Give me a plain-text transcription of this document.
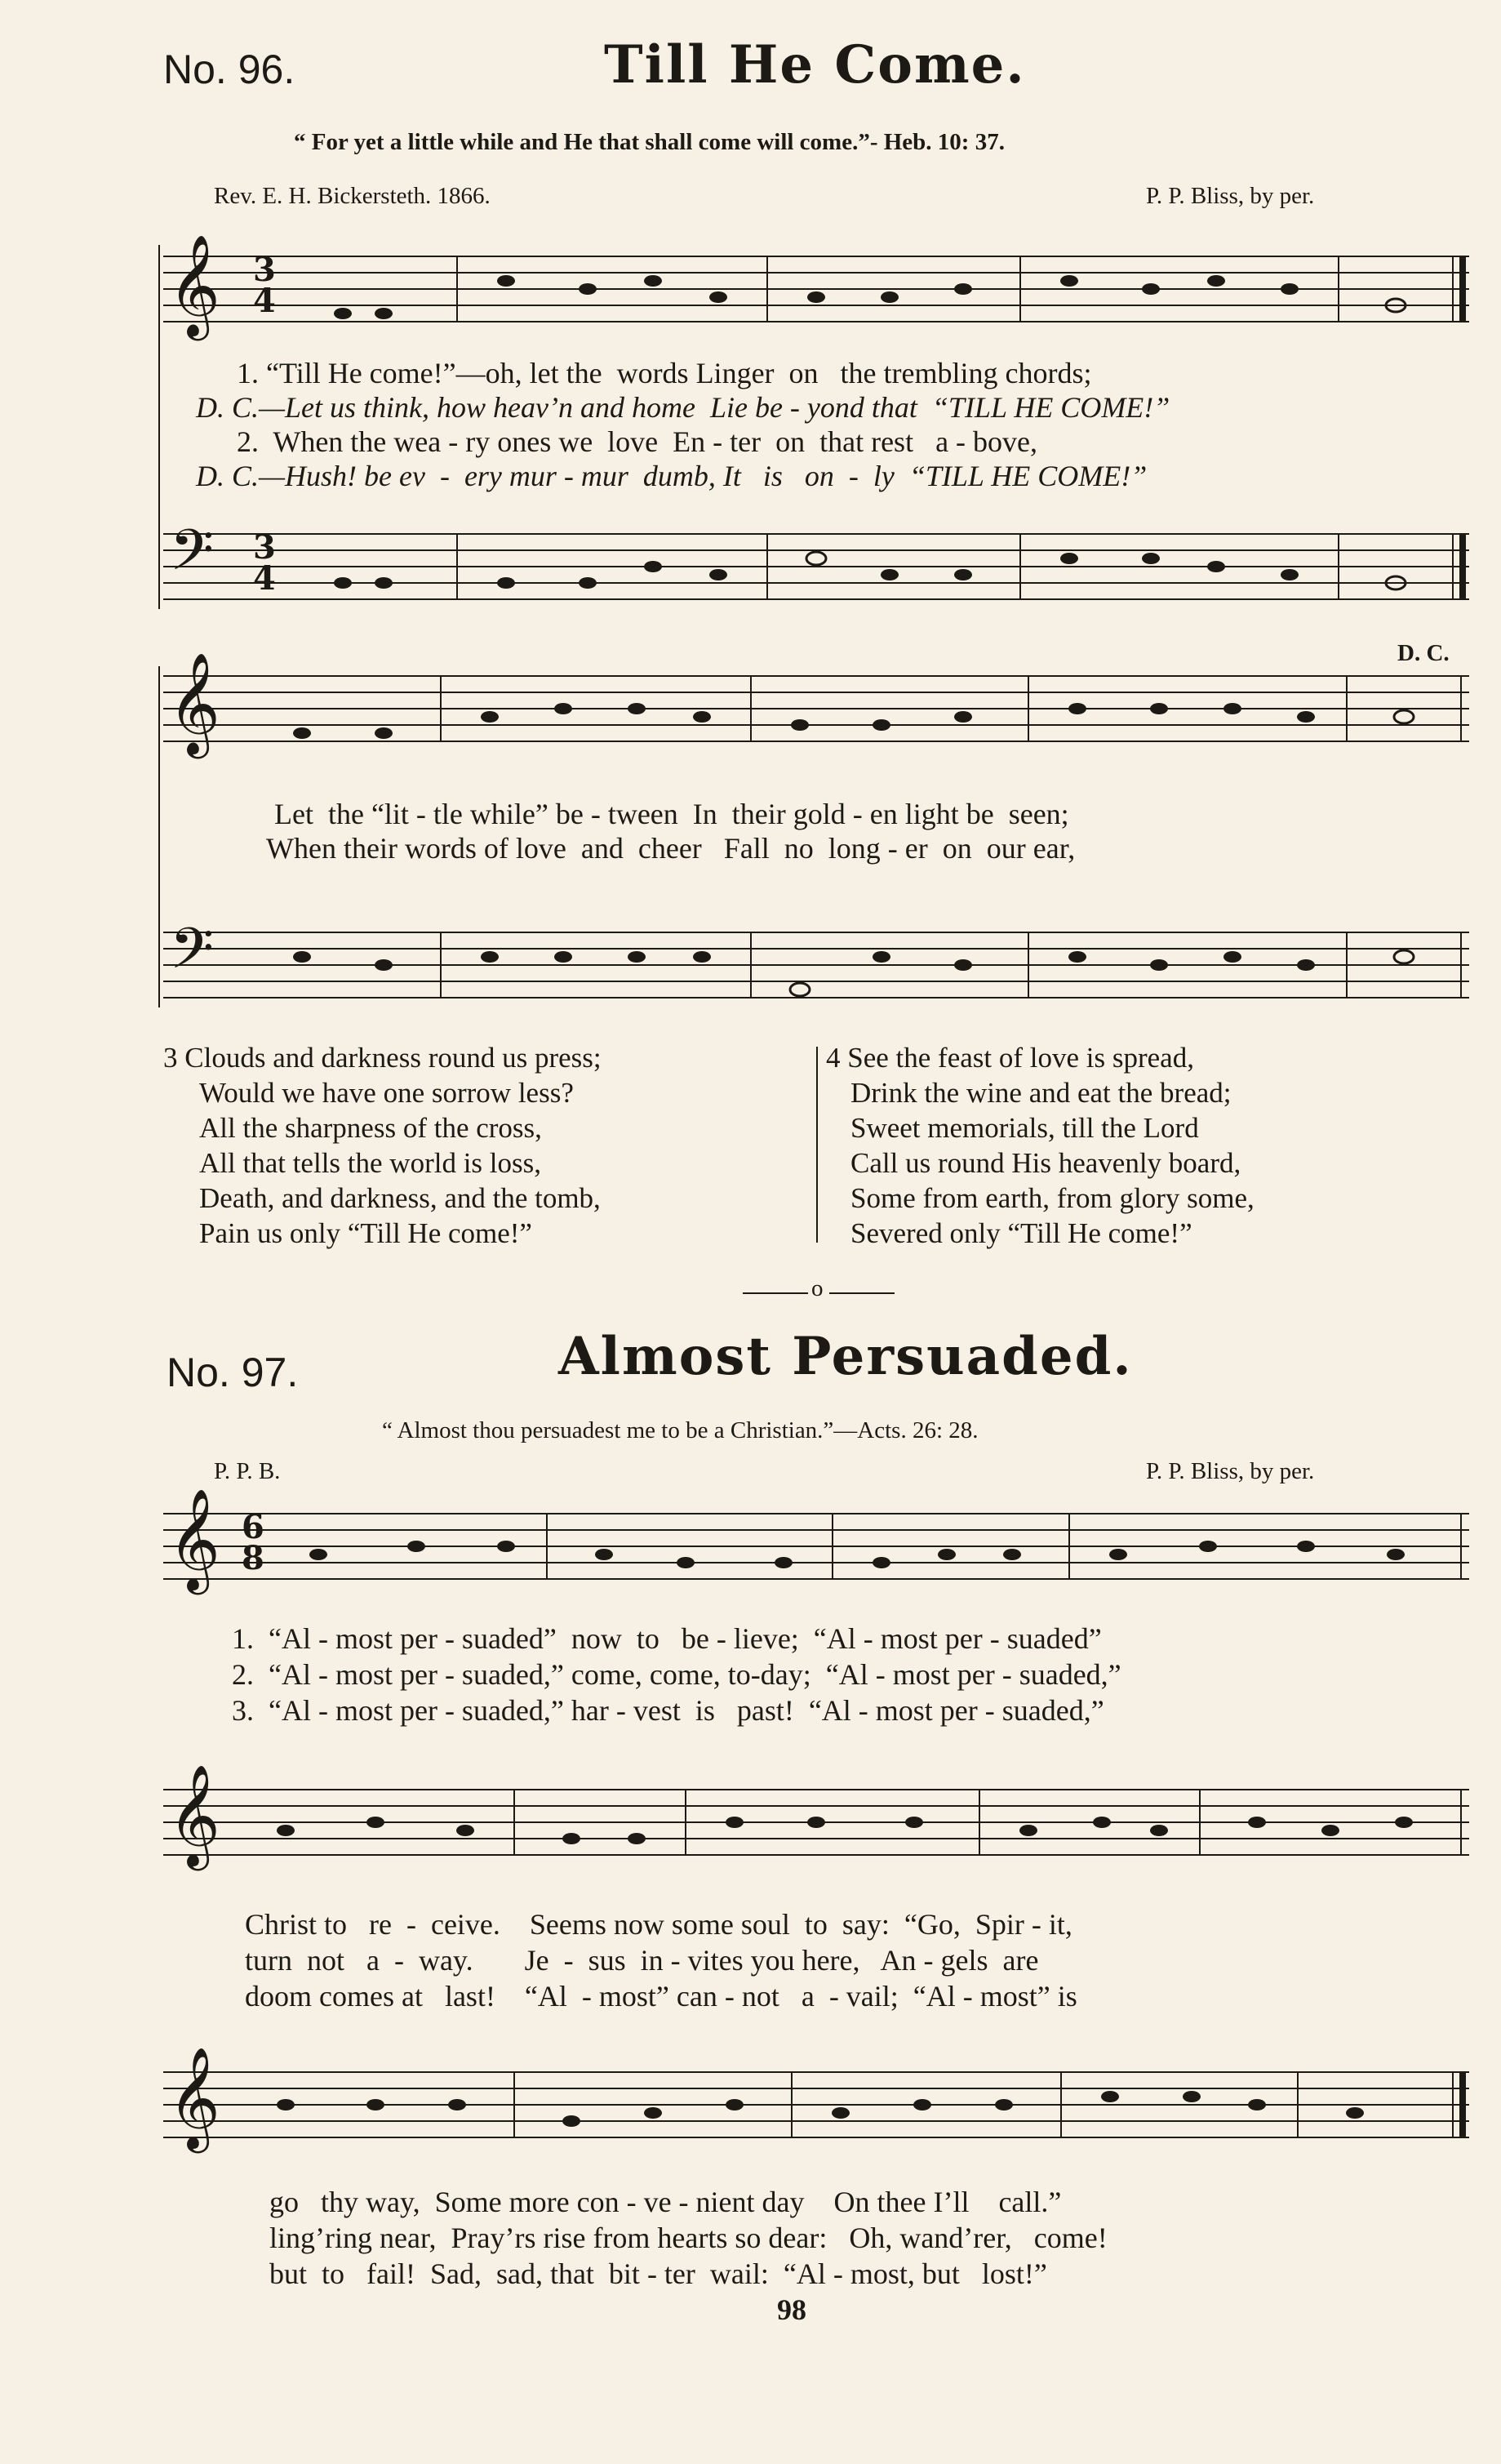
No. 96.	Till He Come.
“ For yet a little while and He that shall come will come.”- Heb. 10: 37.
Rev. E. H. Bickersteth. 1866.	P. P. Bliss, by per.
𝄞 3
4
1. “Till He come!”—oh, let the  words Linger  on   the trembling chords;
D. C.—Let us think, how heav’n and home  Lie be - yond that  “TILL HE COME!”
2.  When the wea - ry ones we  love  En - ter  on  that rest   a - bove,
D. C.—Hush! be ev  -  ery mur - mur  dumb, It   is   on  -  ly  “TILL HE COME!”
𝄢 3
4
D. C.
𝄞
Let  the “lit - tle while” be - tween  In  their gold - en light be  seen;
When their words of love  and  cheer   Fall  no  long - er  on  our ear,
𝄢
3 Clouds and darkness round us press;
Would we have one sorrow less?
All the sharpness of the cross,
All that tells the world is loss,
Death, and darkness, and the tomb,
Pain us only “Till He come!”
4 See the feast of love is spread,
Drink the wine and eat the bread;
Sweet memorials, till the Lord
Call us round His heavenly board,
Some from earth, from glory some,
Severed only “Till He come!”
o
No. 97.	Almost Persuaded.
“ Almost thou persuadest me to be a Christian.”—Acts. 26: 28.
P. P. B.	P. P. Bliss, by per.
𝄞 6
8
1.  “Al - most per - suaded”  now  to   be - lieve;  “Al - most per - suaded”
2.  “Al - most per - suaded,” come, come, to-day;  “Al - most per - suaded,”
3.  “Al - most per - suaded,” har - vest  is   past!  “Al - most per - suaded,”
𝄞
Christ to   re  -  ceive.    Seems now some soul  to  say:  “Go,  Spir - it,
turn  not   a  -  way.       Je  -  sus  in - vites you here,   An - gels  are
doom comes at   last!    “Al  - most” can - not   a  - vail;  “Al - most” is
𝄞
go   thy way,  Some more con - ve - nient day    On thee I’ll    call.”
ling’ring near,  Pray’rs rise from hearts so dear:   Oh, wand’rer,   come!
but  to   fail!  Sad,  sad, that  bit - ter  wail:  “Al - most, but   lost!”
98
